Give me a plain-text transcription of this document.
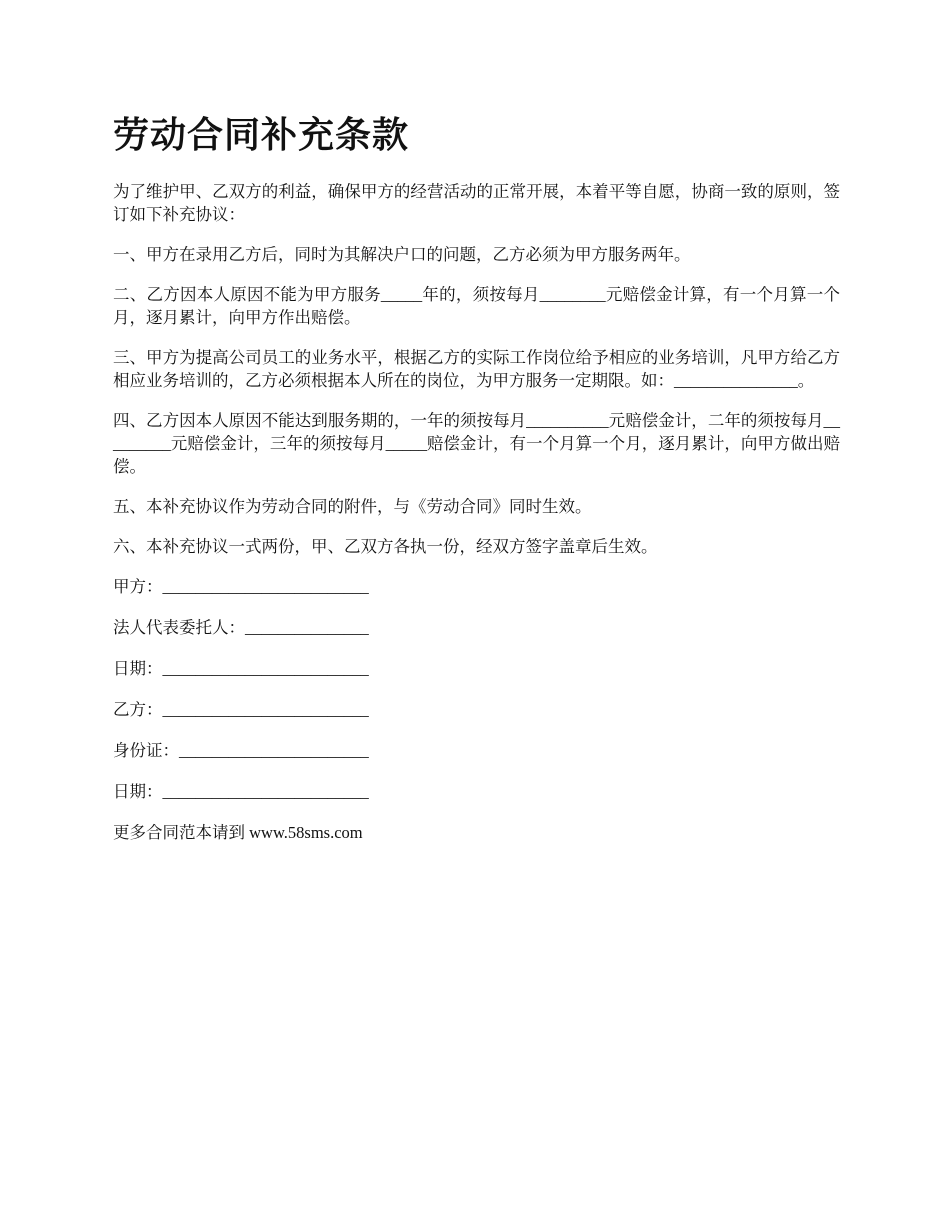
劳动合同补充条款

为了维护甲、乙双方的利益，确保甲方的经营活动的正常开展，本着平等自愿，协商一致的原则，签订如下补充协议：

一、甲方在录用乙方后，同时为其解决户口的问题，乙方必须为甲方服务两年。

二、乙方因本人原因不能为甲方服务_____年的，须按每月________元赔偿金计算，有一个月算一个月，逐月累计，向甲方作出赔偿。

三、甲方为提高公司员工的业务水平，根据乙方的实际工作岗位给予相应的业务培训，凡甲方给乙方相应业务培训的，乙方必须根据本人所在的岗位，为甲方服务一定期限。如：_______________。

四、乙方因本人原因不能达到服务期的，一年的须按每月__________元赔偿金计，二年的须按每月_________元赔偿金计，三年的须按每月_____赔偿金计，有一个月算一个月，逐月累计，向甲方做出赔偿。

五、本补充协议作为劳动合同的附件，与《劳动合同》同时生效。

六、本补充协议一式两份，甲、乙双方各执一份，经双方签字盖章后生效。

甲方：_________________________

法人代表委托人：_______________

日期：_________________________

乙方：_________________________

身份证：_______________________

日期：_________________________

更多合同范本请到 www.58sms.com
